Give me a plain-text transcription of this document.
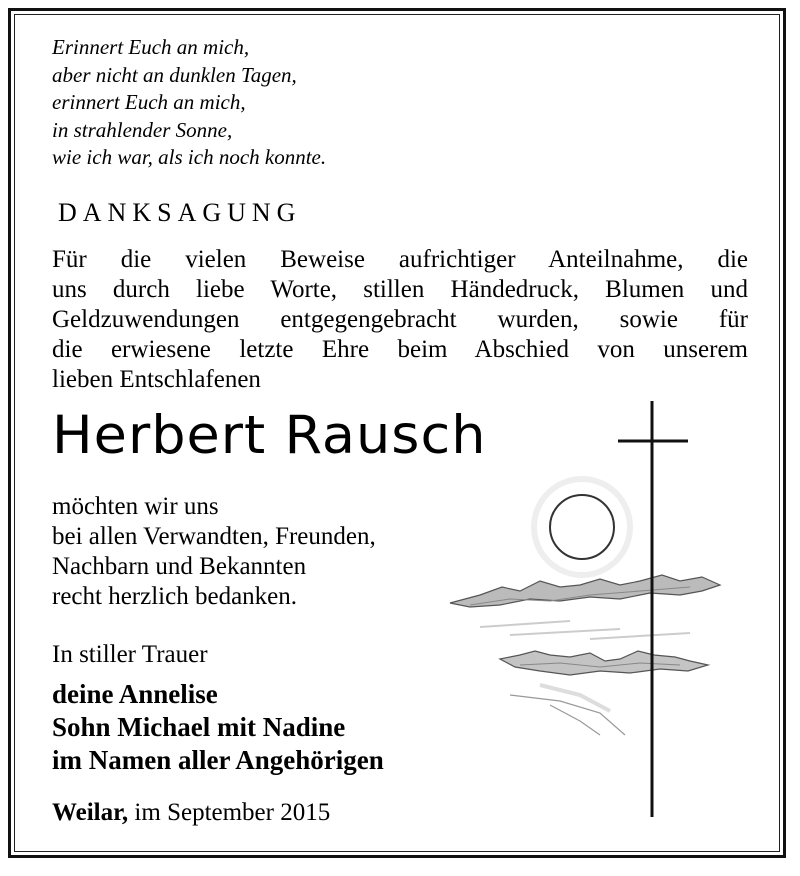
Erinnert Euch an mich,
aber nicht an dunklen Tagen,
erinnert Euch an mich,
in strahlender Sonne,
wie ich war, als ich noch konnte.
DANKSAGUNG
Für die vielen Beweise aufrichtiger Anteilnahme, die
uns durch liebe Worte, stillen Händedruck, Blumen und
Geldzuwendungen entgegengebracht wurden, sowie für
die erwiesene letzte Ehre beim Abschied von unserem
lieben Entschlafenen
Herbert Rausch
möchten wir uns
bei allen Verwandten, Freunden,
Nachbarn und Bekannten
recht herzlich bedanken.
In stiller Trauer
deine Annelise
Sohn Michael mit Nadine
im Namen aller Angehörigen
Weilar, im September 2015
